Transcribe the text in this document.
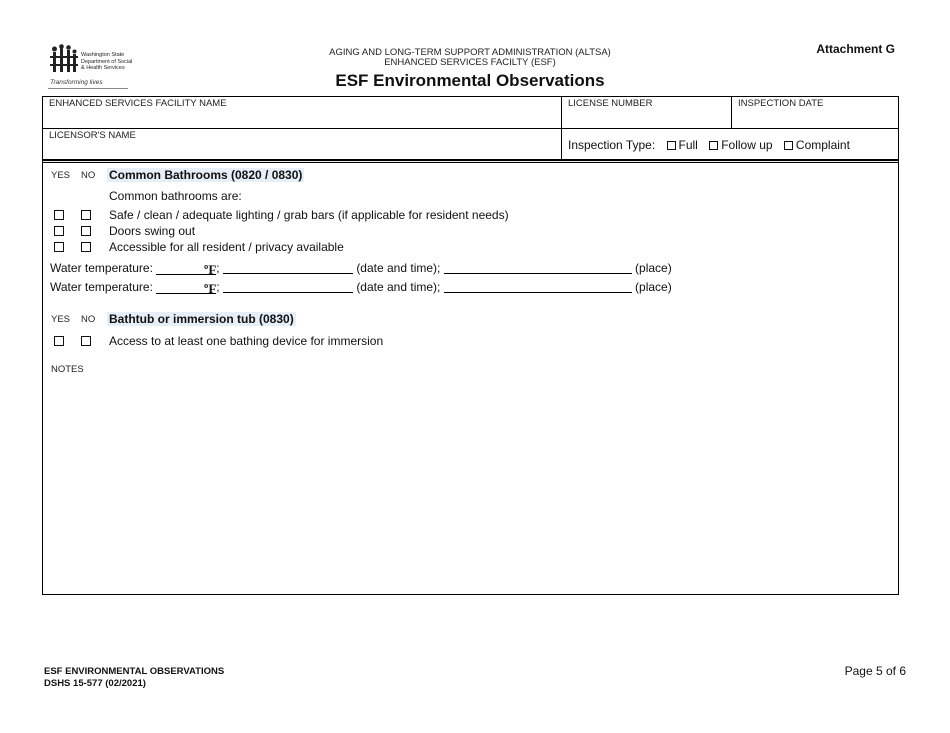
Washington State
Department of Social
& Health Services
Transforming lives
AGING AND LONG-TERM SUPPORT ADMINISTRATION (ALTSA)
ENHANCED SERVICES FACILTY (ESF)
ESF Environmental Observations
Attachment G
ENHANCED SERVICES FACILITY NAME	LICENSE NUMBER	INSPECTION DATE
LICENSOR'S NAME
Inspection Type: Full Follow up Complaint
YES NO Common Bathrooms (0820 / 0830)
Common bathrooms are:
Safe / clean / adequate lighting / grab bars (if applicable for resident needs)
Doors swing out
Accessible for all resident / privacy available
Water temperature:	ºF;	(date and time);	(place)
Water temperature:	ºF;	(date and time);	(place)
YES NO Bathtub or immersion tub (0830)
Access to at least one bathing device for immersion
NOTES
ESF ENVIRONMENTAL OBSERVATIONS
DSHS 15-577 (02/2021)
Page 5 of 6
